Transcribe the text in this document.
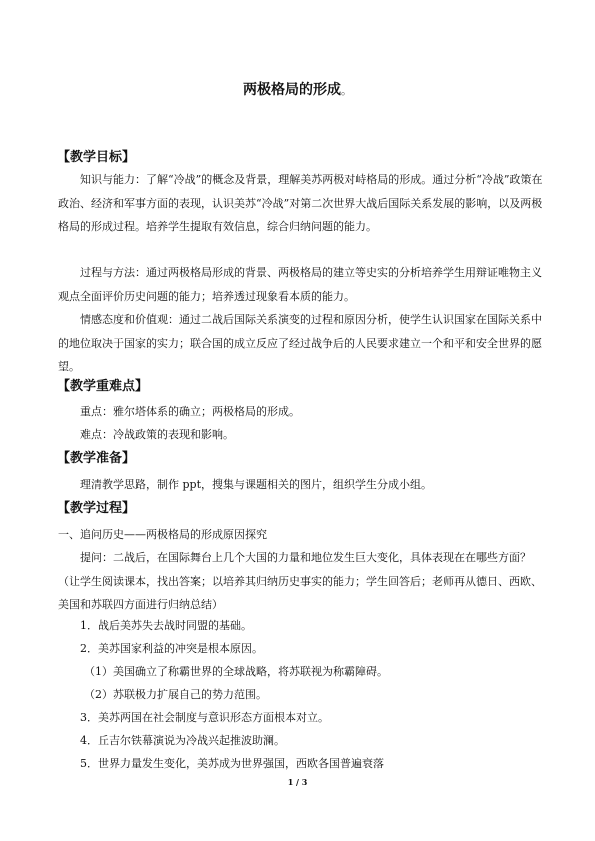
两极格局的形成。
【教学目标】

知识与能力：了解“冷战”的概念及背景，理解美苏两极对峙格局的形成。通过分析“冷战”政策在政治、经济和军事方面的表现，认识美苏“冷战”对第二次世界大战后国际关系发展的影响，以及两极格局的形成过程。培养学生提取有效信息，综合归纳问题的能力。

过程与方法：通过两极格局形成的背景、两极格局的建立等史实的分析培养学生用辩证唯物主义观点全面评价历史问题的能力；培养透过现象看本质的能力。

情感态度和价值观：通过二战后国际关系演变的过程和原因分析，使学生认识国家在国际关系中的地位取决于国家的实力；联合国的成立反应了经过战争后的人民要求建立一个和平和安全世界的愿望。

【教学重难点】
重点：雅尔塔体系的确立；两极格局的形成。
难点：冷战政策的表现和影响。
【教学准备】
理清教学思路，制作 ppt，搜集与课题相关的图片，组织学生分成小组。
【教学过程】
一、追问历史——两极格局的形成原因探究

提问：二战后，在国际舞台上几个大国的力量和地位发生巨大变化，具体表现在在哪些方面？（让学生阅读课本，找出答案；以培养其归纳历史事实的能力；学生回答后；老师再从德日、西欧、美国和苏联四方面进行归纳总结）

1．战后美苏失去战时同盟的基础。
2．美苏国家利益的冲突是根本原因。
（1）美国确立了称霸世界的全球战略，将苏联视为称霸障碍。
（2）苏联极力扩展自己的势力范围。
3．美苏两国在社会制度与意识形态方面根本对立。
4．丘吉尔铁幕演说为冷战兴起推波助澜。
5．世界力量发生变化，美苏成为世界强国，西欧各国普遍衰落
1 / 3
